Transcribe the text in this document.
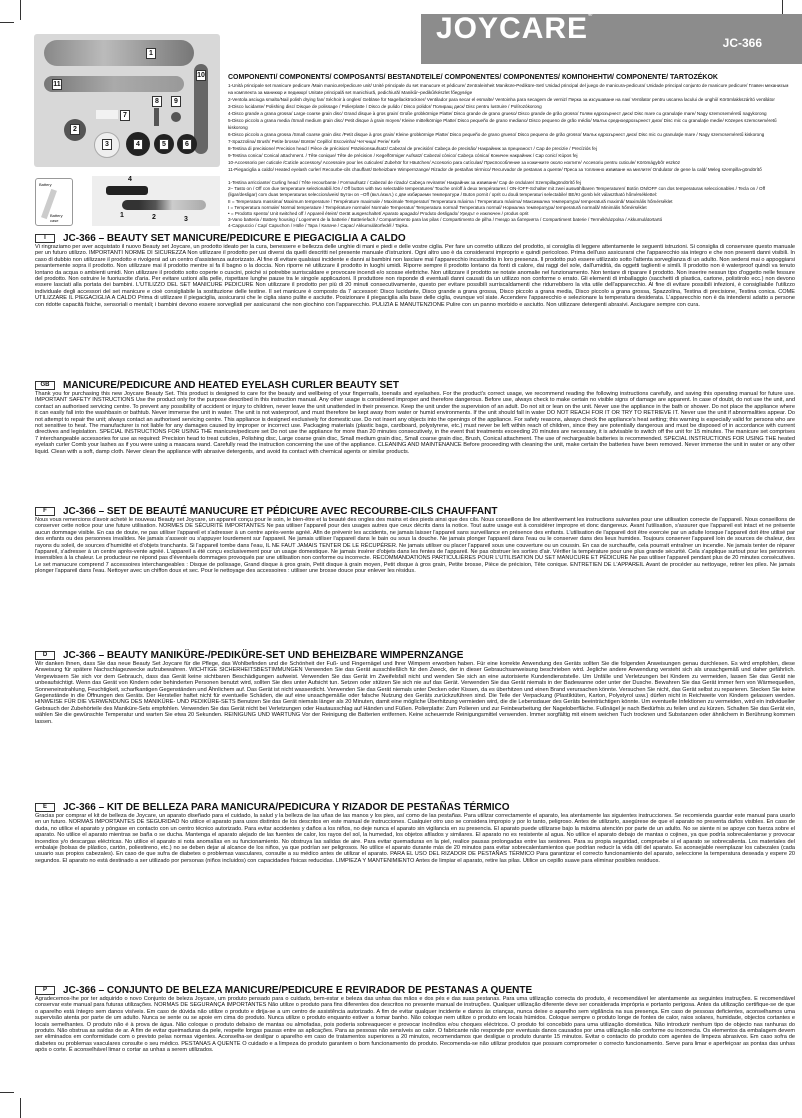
JOYCARE®
JC-366
1
2
3	4	5	6
7
8	9
10
11
Battery
Battery case
1	2	3
4
COMPONENTI/ COMPONENTS/ COMPOSANTS/ BESTANDTEILE/ COMPONENTES/ COMPONENTES/ КОМПОНЕНТИ/ COMPONENTE/ TARTOZÉKOK
1-Unità principale set manicure pedicure /Main manicure/pedicure unit/ Unité principale du set manucure et pédicure/ Zentraleinheit Maniküre-Pediküre-Set/ Unidad principal del juego de manicura-pedicura/ Unidade principal conjunto de manicure pedicure/ Главен механизъм на комплекта за маникюр и педикюр/ Unitate principală set manichiură, pedichiură/ Manikűr–pedikűrkészlet főegysége
2-Ventola asciuga smalto/Nail polish drying fan/ Séchoir à ongles/ Gebläse für Nagellacktrockner/ Ventilador para secar el esmalte/ Ventoinha para secagem de verniz/ Перка за изсушаване на лак/ Ventilator pentru uscarea lacului de unghii/ Körömlakkszárító ventilátor
3-Disco lucidante/ Polishing disc/ Disque de polissage / Polierplatte / Disco de pulido / Disco polidor/ Полиращ диск/ Disc pentru lustruire / Polírozókorong
4-Disco grande a grana grossa/ Large coarse grain disc/ Grand disque à gros grain/ Große grobkörnige Platte/ Disco grande de grano grueso/ Disco grande de grão grosso/ Голям едрозърнест диск/ Disc mare cu granulaţie mare/ Nagy szemcseméretű nagykorong
5-Disco piccolo a grana media /Small medium grain disc/ Petit disque à grain moyen/ Kleine mittelkörnige Platte/ Disco pequeño de grano mediano/ Disco pequeno de grão médio/ Малък средноедрозърнест диск/ Disc mic cu granulaţie medie/ Közepes szemcseméretű kiskorong
6-Disco piccolo a grana grossa /Small coarse grain disc /Petit disque à gros grain/ Kleine grobkörnige Platte/ Disco pequeño de grano grueso/ Disco pequeno de grão grosso/ Малък едрозърнест диск/ Disc mic cu granulaţie mare / Nagy szemcseméretű kiskorong
7-Spazzolina/ Brush/ Petite brosse/ Bürste/ Cepillo/ Escovinha/ Четчица/ Perie/ Kefe
8-Testina di precisione/ Precision head / Pièce de précision/ Präzisionsaufsatz/ Cabezal de precisión/ Cabeça de precisão/ Накрайник за прецизност / Cap de precizie / Precíziós fej
9-Testina conica/ Conical attachment. / Tête conique/ Tête de précision / Kegelförmiger Aufsatz/ Cabezal cónico/ Cabeça cónica/ Коничен накрайник / Cap conic/ Kúpos fej
10-Accessorio per cuticole /Cuticle accessory/ Accessoire pour les cuticules/ Zubehör für Häutchen/ Accesorio para cutículas/ Приспособление за кожичките около ноктите/ Accesoriu pentru cuticule/ Körömágybõr eszköz
11-Piegaciglia a caldo/ Heated eyelash curler/ Recourbe-cils chauffant/ Beheizbare Wimpernzange/ Rizador de pestañas térmico/ Recurvador de pestanas a quente/ Преса за топлинно извиване на миглите/ Ondulator de gene la cald/ Meleg szempilla-göndörítő
1-Testina arricciante/ Curling head / Tête recourbante / Formaufsatz / Cabezal de rizado/ Cabeça revirante/ Накрайник за извиване/ Cap de ondulare/ Szempillagöndörítő fej
2– Tasto on / Off con due temperature selezionabili /On / Off button with two selectable temperatures/ Touche on/off à deux températures / ON-/OFF-Schalter mit zwei auswählbaren Temperaturen/ Botón ON/OFF con dos temperaturas seleccionables / Tecla on / Off (ligar/desligar) com duas temperaturas seleccionáveis/ Бутон on –Off (вкл./изкл.) с две избираеми температури / Buton pornit / oprit cu două temperaturi selectabile/ BE/KI gomb két választható hőmérséklettel:
II = Temperatura massima/ Maximum temperature / Température maximale / Maximale Temperatur/ Temperatura máxima / Temperatura máxima/ Максимална температура/ temperatură maximă/ Maximális hőmérséklet
I = Temperatura normale/ Normal temperature / Température normale/ Normale Temperatur/ Temperatura normal/ Temperatura normal/ Нормална температура/ temperatură normală/ Minimális hőmérséklet
• = Prodotto spento/ Unit switched off / Appareil éteint/ Gerät ausgeschaltet/ Aparato apagado/ Produto desligado/ Уредът е изключен / produs oprit
3-Vano batteria / Battery housing / Logement de la batterie / Batteriefach / Compartimento para las pilas / Compartimento de pilha / Гнездо за батерията / Compartiment baterie / Termékházpolsa / Akkumulátortartó
4-Cappuccio / Cap/ Capuchon / Hülle / Tapa / Капаче / Capac/ Akkumulátorfedél / Tapka.
I	JC-366 – BEAUTY SET MANICURE/PEDICURE E PIEGACIGLIA A CALDO
Vi ringraziamo per aver acquistato il nuovo Beauty set Joycare, un prodotto ideato per la cura, benessere e bellezza delle unghie di mani e piedi e delle vostre ciglia. Per fare un corretto utilizzo del prodotto, si consiglia di leggere attentamente le seguenti istruzioni. Si consiglia di conservare questo manuale per un futuro utilizzo. IMPORTANTI NORME DI SICUREZZA Non utilizzare il prodotto per usi diversi da quelli descritti nel presente manuale d'istruzioni. Ogni altro uso è da considerarsi improprio e quindi pericoloso. Prima dell'uso assicurarsi che l'apparecchio sia integro e che non presenti danni visibili. In caso di dubbio non utilizzare il prodotto e rivolgersi ad un centro d'assistenza autorizzato. Al fine di evitare qualsiasi incidente e danni ai bambini non lasciare mai l'apparecchio incustodito in loro presenza. Il prodotto può essere utilizzato sotto l'attenta sorveglianza di un adulto. Non sedersi mai o appoggiarsi pesantemente sopra il prodotto. Non utilizzare mai il prodotto mentre si fa il bagno o la doccia. Non riporre né utilizzare il prodotto in luoghi umidi. Riporre sempre il prodotto lontano da fonti di calore, dai raggi del sole, dall'umidità, da oggetti taglienti e simili. Il prodotto non è waterproof quindi va tenuto lontano da acqua o ambienti umidi. Non utilizzare il prodotto sotto coperte o cuscini, poiché si potrebbe surriscaldare e provocare incendi e/o scosse elettriche. Non utilizzare il prodotto se notate anomalie nel funzionamento. Non tentare di riparare il prodotto. Non inserire nessun tipo d'oggetto nelle fessure del prodotto. Non ostruire le fuoriuscite d'aria. Per evitare ustioni alla pelle, rispettare lunghe pause tra le singole applicazioni. Il produttore non risponde di eventuali danni causati da un utilizzo non conforme o errato. Gli elementi di imballaggio (sacchetti di plastica, cartone, polistirolo ecc.) non devono essere lasciati alla portata dei bambini. L'UTILIZZO DEL SET MANICURE PEDICURE Non utilizzare il prodotto per più di 20 minuti consecutivamente, questo per evitare possibili surriscaldamenti che ridurrebbero la vita utile dell'apparecchio. Al fine di evitare possibili infezioni, è consigliabile l'utilizzo individuale degli accessori del set manicure e cioè consigliabile la sostituzione delle testine. Il set manicure è composto da 7 accessori: Disco lucidante, Disco grande a grana grossa, Disco piccolo a grana media, Disco piccolo a grana grossa, Spazzolina, Testina di precisione, Testina conica. COME UTILIZZARE IL PIEGACIGLIA A CALDO Prima di utilizzare il piegaciglia, assicurarsi che le ciglia siano pulite e asciutte. Posizionare il piegaciglia alla base delle ciglia, ovunque vol siate. Accendere l'apparecchio e selezionare la temperatura desiderata. L'apparecchio non è da intendersi adatto a persone con ridotte capacità fisiche, sensoriali o mentali; i bambini devono essere sorvegliati per assicurarsi che non giochino con l'apparecchio. PULIZIA E MANUTENZIONE Pulire con un panno morbido e asciutto. Non utilizzare detergenti abrasivi. Asciugare sempre con cura.
GB	MANICURE/PEDICURE AND HEATED EYELASH CURLER BEAUTY SET
Thank you for purchasing this new Joycare Beauty Set. This product is designed to care for the beauty and wellbeing of your fingernails, toenails and eyelashes. For the product's correct usage, we recommend reading the following instructions carefully, and saving this operating manual for future use. IMPORTANT SAFETY INSTRUCTIONS Use the product only for the purpose described in this instruction manual. Any other usage is considered improper and therefore dangerous. Before use, always check to make certain no visible signs of damage are apparent. In case of doubt, do not use the unit, and contact an authorised servicing centre. To prevent any possibility of accident or injury to children, never leave the unit unattended in their presence. Keep the unit under the supervision of an adult. Do not sit or lean on the unit. Never use the appliance in the bath or shower. Do not place the appliance where it can easily fall into the washbasin or bathtub. Never immerse the unit in water. The unit is not waterproof, and must therefore be kept away from water or humid environments. If the unit should fall in water DO NOT REACH FOR IT OR TRY TO RETRIEVE IT. Never use the unit if abnormalities appear. Do not attempt to repair the unit; always contact an authorised servicing centre. This appliance is designed exclusively for domestic use. Do not insert any objects into the openings of the appliance. For safety reasons, always check the appliance's heat setting; this warning is especially valid for persons who are not sensitive to heat. The manufacturer is not liable for any damages caused by improper or incorrect use. Packaging materials (plastic bags, cardboard, polystyrene, etc.) must never be left within reach of children, since they are potentially dangerous and must be disposed of in accordance with current directives and legislation. SPECIAL INSTRUCTIONS FOR USING THE manicure/pedicure set Do not use the appliance for more than 20 minutes consecutively, in the event that treatments exceeding 20 minutes are necessary, it is advisable to switch off the unit for 15 minutes. The manicure set comprises 7 interchangeable accessories for use as required: Precision head to treat cuticles, Polishing disc, Large coarse grain disc, Small medium grain disc, Small coarse grain disc, Brush, Conical attachment. The use of rechargeable batteries is recommended. SPECIAL INSTRUCTIONS FOR USING THE heated eyelash curler Comb your lashes as if you were using a mascara wand. Carefully read the instruction concerning the use of the appliance. CLEANING AND MAINTENANCE Before proceeding with cleaning the unit, make certain the batteries have been removed. Never immerse the unit in water or any other liquid. Clean with a soft, damp cloth. Never clean the appliance with abrasive detergents, and avoid its contact with chemical agents or similar products.
F	JC-366 – SET DE BEAUTÉ MANUCURE ET PÉDICURE AVEC RECOURBE-CILS CHAUFFANT
Nous vous remercions d'avoir acheté le nouveau Beauty set Joycare, un appareil conçu pour le soin, le bien-être et la beauté des ongles des mains et des pieds ainsi que des cils. Nous conseillons de lire attentivement les instructions suivantes pour une utilisation correcte de l'appareil. Nous conseillons de conserver cette notice pour une future utilisation. NORMES DE SÉCURITÉ IMPORTANTES Ne pas utiliser l'appareil pour des usages autres que ceux décrits dans la notice. Tout autre usage est à considérer impropre et donc dangereux. Avant l'utilisation, s'assurer que l'appareil est intact et ne présente aucun dommage visible. En cas de doute, ne pas utiliser l'appareil et s'adresser à un centre après-vente agréé. Afin de prévenir les accidents, ne jamais laisser l'appareil sans surveillance en présence des enfants. L'utilisation de l'appareil doit être exercée par un adulte lorsque l'appareil doit être utilisé par des enfants ou des personnes invalides. Ne jamais s'asseoir ou s'appuyer lourdement sur l'appareil. Ne jamais utiliser l'appareil dans le bain ou sous la douche. Ne jamais plonger l'appareil dans l'eau ou le conserver dans des lieux humides. Toujours conserver l'appareil loin de sources de chaleur, des rayons du soleil, de sources d'humidité et d'objets tranchants. Si l'appareil tombe dans l'eau, IL NE FAUT JAMAIS TENTER DE LE RÉCUPÉRER. Ne jamais utiliser ou placer l'appareil sous une couverture ou un coussin. En cas de surchauffe, cela pourrait entraîner un incendie. Ne jamais tenter de réparer l'appareil, s'adresser à un centre après-vente agréé. L'appareil a été conçu exclusivement pour un usage domestique. Ne jamais insérer d'objets dans les fentes de l'appareil. Ne pas obstruer les sorties d'air. Vérifier la température pour une plus grande sécurité. Cela s'applique surtout pour les personnes insensibles à la chaleur. Le producteur ne répond pas d'éventuels dommages provoqués par une utilisation non conforme ou incorrecte. RECOMMANDATIONS PARTICULIÈRES POUR L'UTILISATION DU SET MANUCURE ET PÉDICURE Ne pas utiliser l'appareil pendant plus de 20 minutes consécutives. Le set manucure comprend 7 accessoires interchangeables : Disque de polissage, Grand disque à gros grain, Petit disque à grain moyen, Petit disque à gros grain, Petite brosse, Pièce de précision, Tête conique. ENTRETIEN DE L'APPAREIL Avant de procéder au nettoyage, retirer les piles. Ne jamais plonger l'appareil dans l'eau. Nettoyer avec un chiffon doux et sec. Pour le nettoyage des accessoires : utiliser une brosse douce pour enlever les résidus.
D	JC-366 – BEAUTY MANIKÜRE-/PEDIKÜRE-SET UND BEHEIZBARE WIMPERNZANGE
Wir danken Ihnen, dass Sie das neue Beauty Set Joycare für die Pflege, das Wohlbefinden und die Schönheit der Fuß- und Fingernägel und Ihrer Wimpern erworben haben. Für eine korrekte Anwendung des Geräts sollten Sie die folgenden Anweisungen genau durchlesen. Es wird empfohlen, diese Anweisung für spätere Nachschlagezwecke aufzubewahren. WICHTIGE SICHERHEITSBESTIMMUNGEN Verwenden Sie das Gerät ausschließlich für den Zweck, der in dieser Gebrauchsanweisung beschrieben wird. Jegliche andere Anwendung versteht sich als unsachgemäß und daher gefährlich. Vergewissern Sie sich vor dem Gebrauch, dass das Gerät keine sichtbaren Beschädigungen aufweist. Verwenden Sie das Gerät im Zweifelsfall nicht und wenden Sie sich an eine autorisierte Kundendienststelle. Um Unfälle und Verletzungen bei Kindern zu vermeiden, lassen Sie das Gerät nie unbeaufsichtigt. Wenn das Gerät von Kindern oder behinderten Personen benutzt wird, sollten Sie dies unter Aufsicht tun. Setzen oder stützen Sie sich nie auf das Gerät. Verwenden Sie das Gerät niemals in der Badewanne oder unter der Dusche. Bewahren Sie das Gerät immer fern von Wärmequellen, Sonneneinstrahlung, Feuchtigkeit, scharfkantigen Gegenständen und Ähnlichem auf. Das Gerät ist nicht wasserdicht. Verwenden Sie das Gerät niemals unter Decken oder Kissen, da es überhitzen und einen Brand verursachen könnte. Versuchen Sie nicht, das Gerät selbst zu reparieren. Stecken Sie keine Gegenstände in die Öffnungen des Geräts. Der Hersteller haftet nicht für eventuelle Schäden, die auf eine unsachgemäße oder falsche Nutzung des Geräts zurückzuführen sind. Die Teile der Verpackung (Plastiktüten, Karton, Polystyrol usw.) dürfen nicht in Reichweite von Kindern gelassen werden. HINWEISE FÜR DIE VERWENDUNG DES MANIKÜRE- UND PEDIKÜRE-SETS Benutzen Sie das Gerät niemals länger als 20 Minuten, damit eine mögliche Überhitzung vermieden wird, die die Lebensdauer des Geräts beeinträchtigen könnte. Um eventuelle Infektionen zu vermeiden, wird ein individueller Gebrauch der Zubehörteile des Maniküre-Sets empfohlen. Verwenden Sie das Gerät nicht bei Verletzungen oder Hautausschlag auf Händen und Füßen. Polierplatte: Zum Polieren und zur Feinbearbeitung der Nageloberfläche. Fußnägel je nach Bedürfnis zu feilen und zu kürzen. Schalten Sie das Gerät ein, wählen Sie die gewünschte Temperatur und warten Sie etwa 20 Sekunden. REINIGUNG UND WARTUNG Vor der Reinigung die Batterien entfernen. Keine scheuernde Reinigungsmittel verwenden. Immer sorgfältig mit einem weichen Tuch trocknen und Substanzen oder ähnlichem in Berührung kommen lassen.
E	JC-366 – KIT DE BELLEZA PARA MANICURA/PEDICURA Y RIZADOR DE PESTAÑAS TÉRMICO
Gracias por comprar el kit de belleza de Joycare, un aparato diseñado para el cuidado, la salud y la belleza de las uñas de las manos y los pies, así como de las pestañas. Para utilizar correctamente el aparato, lea atentamente las siguientes instrucciones. Se recomienda guardar este manual para usarlo en un futuro. NORMAS IMPORTANTES DE SEGURIDAD No utilice el aparato para usos distintos de los descritos en este manual de instrucciones. Cualquier otro uso se considera impropio y por lo tanto, peligroso. Antes de utilizarlo, asegúrese de que el aparato no presenta daños visibles. En caso de duda, no utilice el aparato y póngase en contacto con un centro técnico autorizado. Para evitar accidentes y daños a los niños, no deje nunca el aparato sin vigilancia en su presencia. El aparato puede utilizarse bajo la máxima atención por parte de un adulto. No se siente ni se apoye con fuerza sobre el aparato. No utilice el aparato mientras se baña o se ducha. Mantenga el aparato alejado de las fuentes de calor, los rayos del sol, la humedad, los objetos afilados y similares. El aparato no es resistente al agua. No utilice el aparato debajo de mantas o cojines, ya que podría sobrecalentarse y provocar incendios y/o descargas eléctricas. No utilice el aparato si nota anomalías en su funcionamiento. No obstruya las salidas de aire. Para evitar quemaduras en la piel, realice pausas prolongadas entre las sesiones. Para su propia seguridad, compruebe si el aparato se sobrecalienta. Los materiales del embalaje (bolsas de plástico, cartón, poliestireno, etc.) no se deben dejar al alcance de los niños, ya que podrían ser peligrosos. No utilice el aparato durante más de 20 minutos para evitar sobrecalentamientos que podrían reducir la vida útil del aparato. Es aconsejable reemplazar los cabezales (cada usuario sus propios cabezales). En caso de que sufra de diabetes o problemas vasculares, consulte a su médico antes de utilizar el aparato. PARA EL USO DEL RIZADOR DE PESTAÑAS TÉRMICO Para garantizar el correcto funcionamiento del aparato, seleccione la temperatura deseada y espere 20 segundos. El aparato no está destinado a ser utilizado por personas (niños incluidos) con capacidades físicas reducidas. LIMPIEZA Y MANTENIMIENTO Antes de limpiar el aparato, retire las pilas. Utilice un cepillo suave para eliminar posibles residuos.
P	JC-366 – CONJUNTO DE BELEZA MANICURE/PEDICURE E REVIRADOR DE PESTANAS A QUENTE
Agradecemos-lhe por ter adquirido o novo Conjunto de beleza Joycare, um produto pensado para o cuidado, bem-estar e beleza das unhas das mãos e dos pés e das suas pestanas. Para uma utilização correcta do produto, é recomendável ler atentamente as seguintes instruções. É recomendável conservar este manual para futuras utilizações. NORMAS DE SEGURANÇA IMPORTANTES Não utilize o produto para fins diferentes dos descritos no presente manual de instruções. Qualquer utilização diferente deve ser considerada imprópria e portanto perigosa. Antes da utilização certifique-se de que o aparelho está íntegro sem danos visíveis. Em caso de dúvida não utilize o produto e dirija-se a um centro de assistência autorizado. A fim de evitar qualquer incidente e danos às crianças, nunca deixe o aparelho sem vigilância na sua presença. Em caso de pessoas deficientes, aconselhamos uma supervisão atenta por parte de um adulto. Nunca se sente ou se apoie em cima do produto. Nunca utilize o produto enquanto estiver a tomar banho. Não coloque nem utilize o produto em locais húmidos. Coloque sempre o produto longe de fontes de calor, raios solares, humidade, objectos cortantes e locais semelhantes. O produto não é à prova de água. Não coloque o produto debaixo de mantas ou almofadas, pois poderia sobreaquecer e provocar incêndios e/ou choques eléctricos. O produto foi concebido para uma utilização doméstica. Não introduzir nenhum tipo de objecto nas ranhuras do produto. Não obstrua as saídas de ar. A fim de evitar queimaduras da pele, respeite longas pausas entre as aplicações. Para as pessoas não sensíveis ao calor. O fabricante não responde por eventuais danos causados por uma utilização não conforme ou incorrecta. Os elementos da embalagem devem ser eliminados em conformidade com o previsto pelas normas vigentes. Aconselha-se desligar o aparelho em caso de tratamentos superiores a 20 minutos, recomendamos que desligue o produto durante 15 minutos. Evitar o contacto do produto com agentes de limpeza abrasivos. Em caso sofra de diabetes ou problemas vasculares consulte o seu médico. PESTANAS A QUENTE O cuidado e a limpeza do produto garantem o bom funcionamento do produto. Recomenda-se não utilizar produtos que possam comprometer o correcto funcionamento. Serve para limar e aperfeiçoar as pontas das unhas após o corte. É aconselhável limar o cortar as unhas a serem utilizados.
